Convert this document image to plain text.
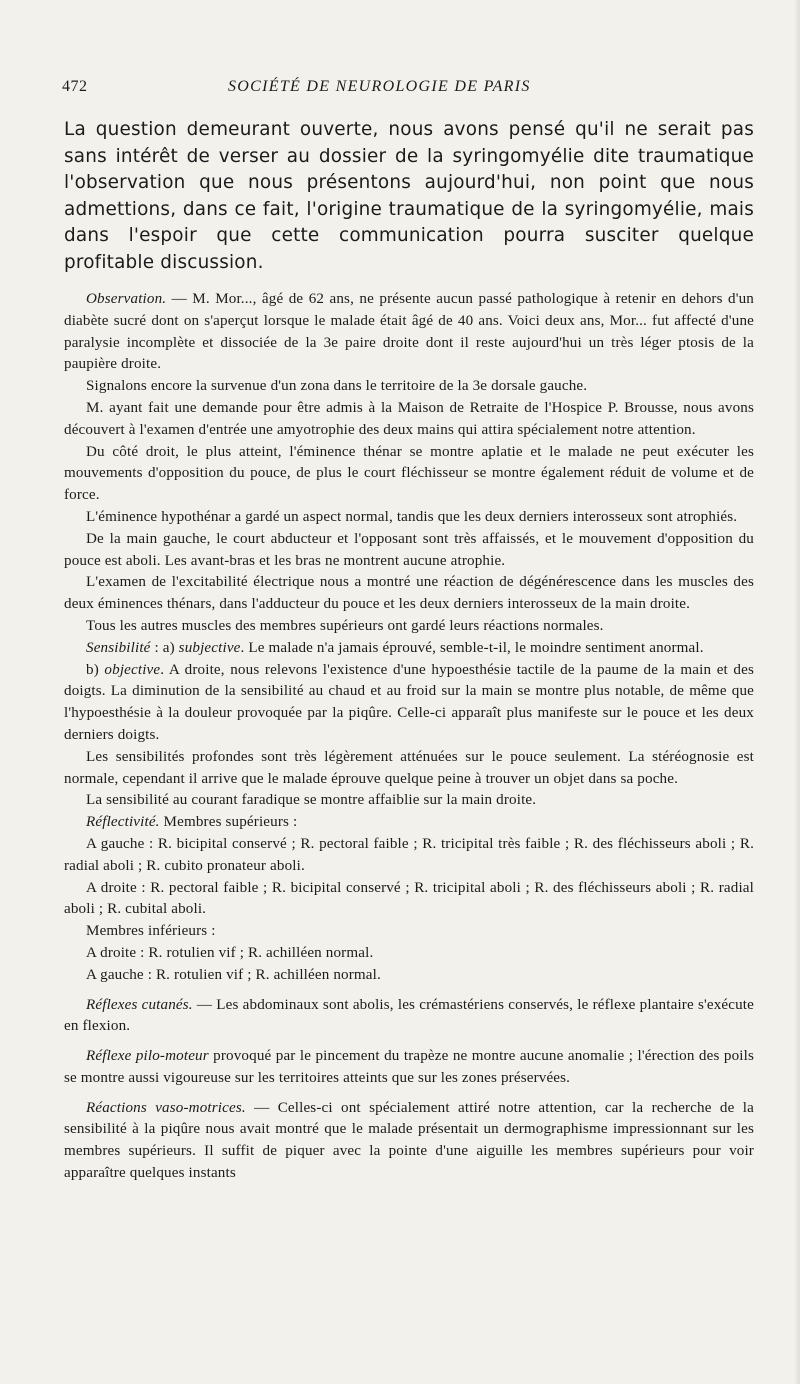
472	SOCIÉTÉ DE NEUROLOGIE DE PARIS

La question demeurant ouverte, nous avons pensé qu'il ne serait pas sans intérêt de verser au dossier de la syringomyélie dite traumatique l'observation que nous présentons aujourd'hui, non point que nous admettions, dans ce fait, l'origine traumatique de la syringomyélie, mais dans l'espoir que cette communication pourra susciter quelque profitable discussion.

Observation. — M. Mor..., âgé de 62 ans, ne présente aucun passé pathologique à retenir en dehors d'un diabète sucré dont on s'aperçut lorsque le malade était âgé de 40 ans. Voici deux ans, Mor... fut affecté d'une paralysie incomplète et dissociée de la 3e paire droite dont il reste aujourd'hui un très léger ptosis de la paupière droite.

Signalons encore la survenue d'un zona dans le territoire de la 3e dorsale gauche.

M. ayant fait une demande pour être admis à la Maison de Retraite de l'Hospice P. Brousse, nous avons découvert à l'examen d'entrée une amyotrophie des deux mains qui attira spécialement notre attention.

Du côté droit, le plus atteint, l'éminence thénar se montre aplatie et le malade ne peut exécuter les mouvements d'opposition du pouce, de plus le court fléchisseur se montre également réduit de volume et de force.

L'éminence hypothénar a gardé un aspect normal, tandis que les deux derniers interosseux sont atrophiés.

De la main gauche, le court abducteur et l'opposant sont très affaissés, et le mouvement d'opposition du pouce est aboli. Les avant-bras et les bras ne montrent aucune atrophie.

L'examen de l'excitabilité électrique nous a montré une réaction de dégénérescence dans les muscles des deux éminences thénars, dans l'adducteur du pouce et les deux derniers interosseux de la main droite.

Tous les autres muscles des membres supérieurs ont gardé leurs réactions normales.

Sensibilité : a) subjective. Le malade n'a jamais éprouvé, semble-t-il, le moindre sentiment anormal.

b) objective. A droite, nous relevons l'existence d'une hypoesthésie tactile de la paume de la main et des doigts. La diminution de la sensibilité au chaud et au froid sur la main se montre plus notable, de même que l'hypoesthésie à la douleur provoquée par la piqûre. Celle-ci apparaît plus manifeste sur le pouce et les deux derniers doigts.

Les sensibilités profondes sont très légèrement atténuées sur le pouce seulement. La stéréognosie est normale, cependant il arrive que le malade éprouve quelque peine à trouver un objet dans sa poche.

La sensibilité au courant faradique se montre affaiblie sur la main droite.

Réflectivité. Membres supérieurs :

A gauche : R. bicipital conservé ; R. pectoral faible ; R. tricipital très faible ; R. des fléchisseurs aboli ; R. radial aboli ; R. cubito pronateur aboli.

A droite : R. pectoral faible ; R. bicipital conservé ; R. tricipital aboli ; R. des fléchisseurs aboli ; R. radial aboli ; R. cubital aboli.

Membres inférieurs :

A droite : R. rotulien vif ; R. achilléen normal.

A gauche : R. rotulien vif ; R. achilléen normal.

Réflexes cutanés. — Les abdominaux sont abolis, les crémastériens conservés, le réflexe plantaire s'exécute en flexion.

Réflexe pilo-moteur provoqué par le pincement du trapèze ne montre aucune anomalie ; l'érection des poils se montre aussi vigoureuse sur les territoires atteints que sur les zones préservées.

Réactions vaso-motrices. — Celles-ci ont spécialement attiré notre attention, car la recherche de la sensibilité à la piqûre nous avait montré que le malade présentait un dermographisme impressionnant sur les membres supérieurs. Il suffit de piquer avec la pointe d'une aiguille les membres supérieurs pour voir apparaître quelques instants
